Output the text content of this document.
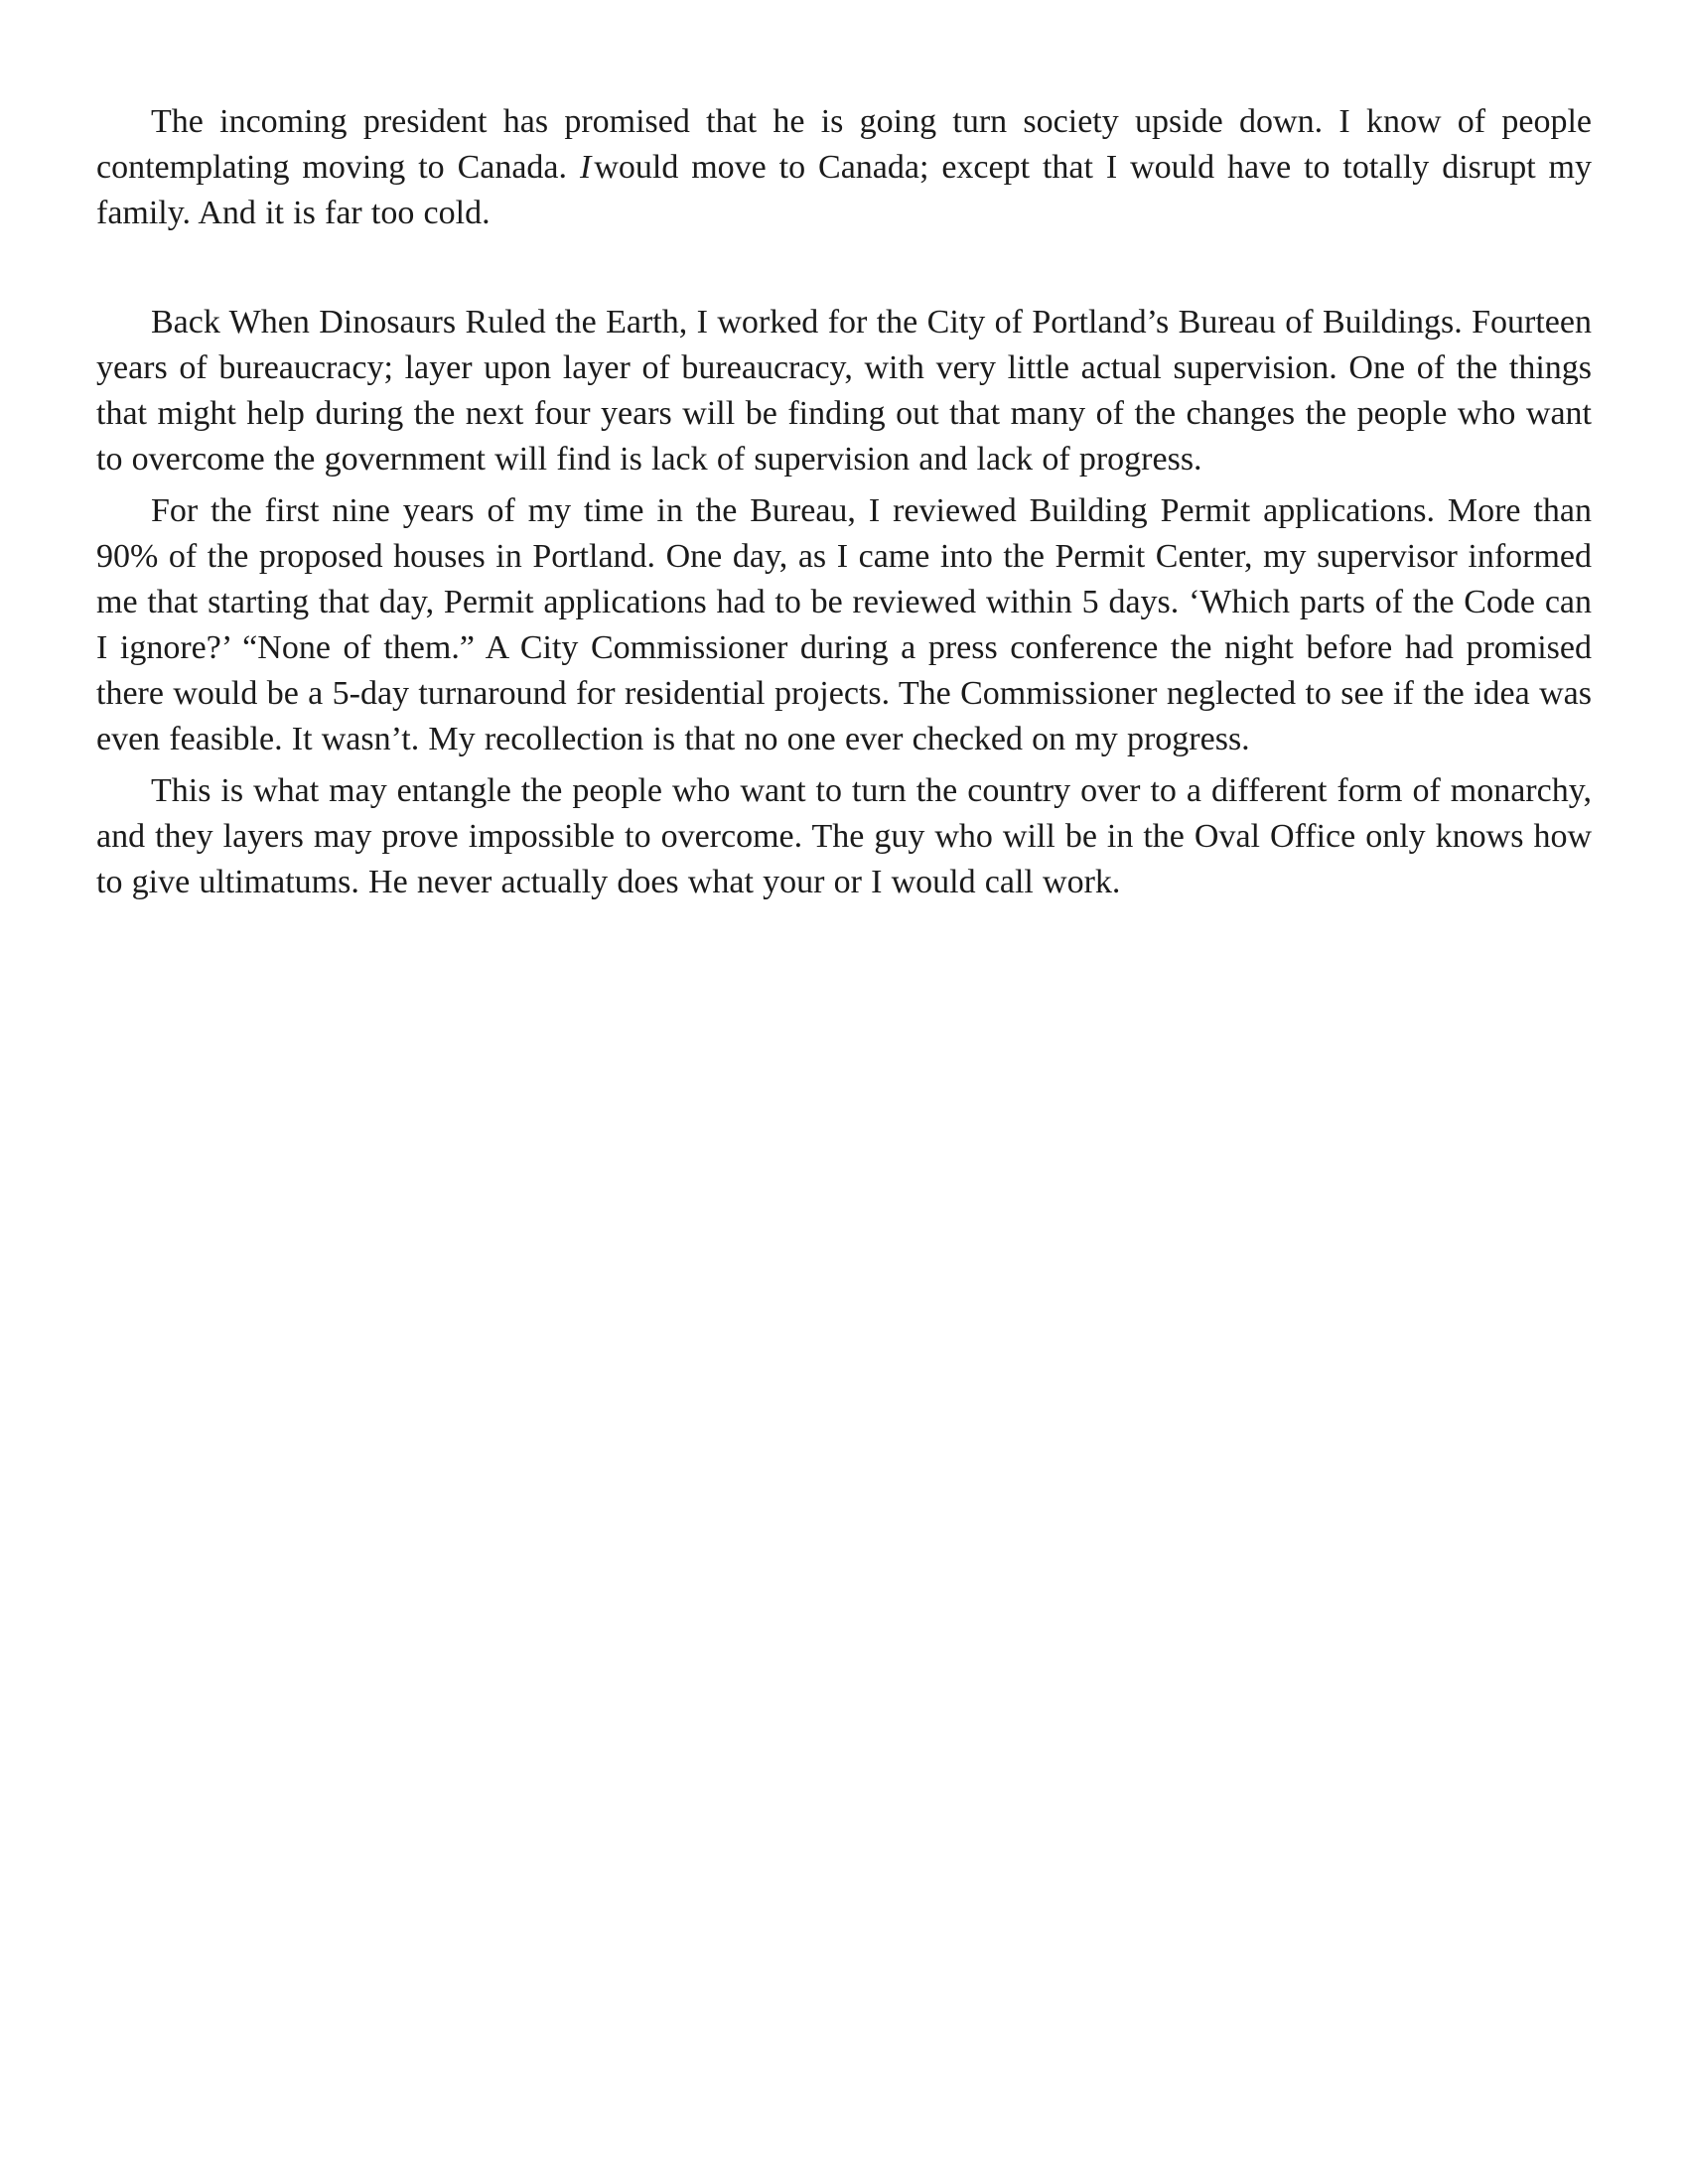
The incoming president has promised that he is going turn society upside down. I know of people contemplating moving to Canada. Iwould move to Canada; except that I would have to totally disrupt my family. And it is far too cold.

Back When Dinosaurs Ruled the Earth, I worked for the City of Portland’s Bureau of Buildings. Fourteen years of bureaucracy; layer upon layer of bureaucracy, with very little actual supervision. One of the things that might help during the next four years will be finding out that many of the changes the people who want to overcome the government will find is lack of supervision and lack of progress.

For the first nine years of my time in the Bureau, I reviewed Building Permit applications. More than 90% of the proposed houses in Portland. One day, as I came into the Permit Center, my supervisor informed me that starting that day, Permit applications had to be reviewed within 5 days. ‘Which parts of the Code can I ignore?’ “None of them.” A City Commissioner during a press conference the night before had promised there would be a 5-day turnaround for residential projects. The Commissioner neglected to see if the idea was even feasible. It wasn’t. My recollection is that no one ever checked on my progress.

This is what may entangle the people who want to turn the country over to a different form of monarchy, and they layers may prove impossible to overcome. The guy who will be in the Oval Office only knows how to give ultimatums. He never actually does what your or I would call work.
